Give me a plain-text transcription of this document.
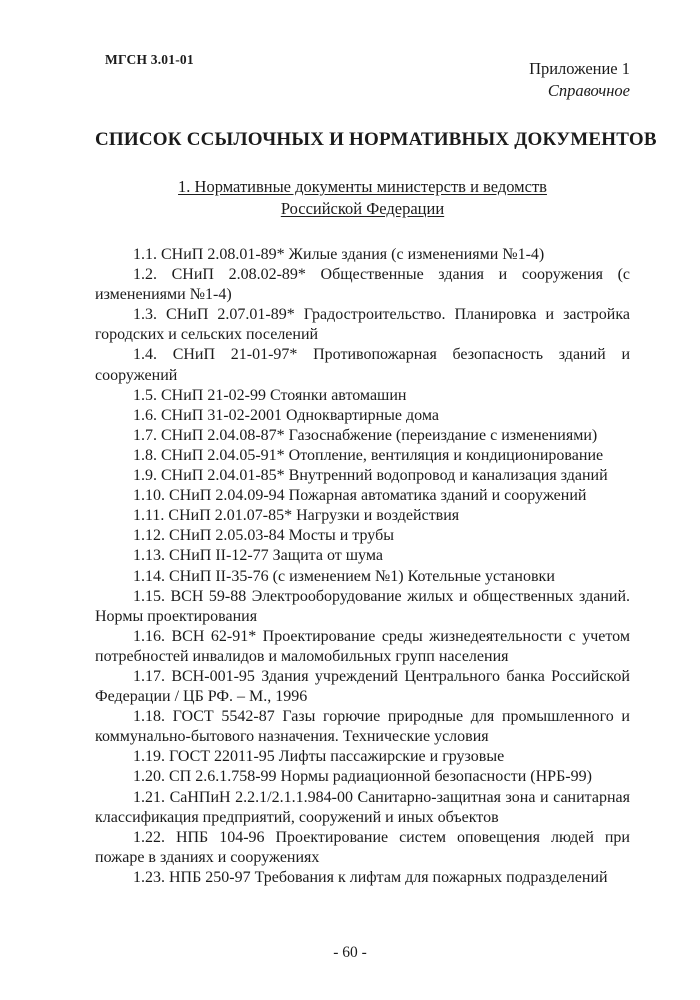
МГСН 3.01-01	Приложение 1
Справочное
СПИСОК ССЫЛОЧНЫХ И НОРМАТИВНЫХ ДОКУМЕНТОВ
1. Нормативные документы министерств и ведомств
Российской Федерации

1.1. СНиП 2.08.01-89* Жилые здания (с изменениями №1-4)

1.2. СНиП 2.08.02-89* Общественные здания и сооружения (с изменениями №1-4)

1.3. СНиП 2.07.01-89* Градостроительство. Планировка и застройка городских и сельских поселений

1.4. СНиП 21-01-97* Противопожарная безопасность зданий и сооружений

1.5. СНиП 21-02-99 Стоянки автомашин

1.6. СНиП 31-02-2001 Одноквартирные дома

1.7. СНиП 2.04.08-87* Газоснабжение (переиздание с изменениями)

1.8. СНиП 2.04.05-91* Отопление, вентиляция и кондиционирование

1.9. СНиП 2.04.01-85* Внутренний водопровод и канализация зданий

1.10. СНиП 2.04.09-94 Пожарная автоматика зданий и сооружений

1.11. СНиП 2.01.07-85* Нагрузки и воздействия

1.12. СНиП 2.05.03-84 Мосты и трубы

1.13. СНиП II-12-77 Защита от шума

1.14. СНиП II-35-76 (с изменением №1) Котельные установки

1.15. ВСН 59-88 Электрооборудование жилых и общественных зданий. Нормы проектирования

1.16. ВСН 62-91* Проектирование среды жизнедеятельности с учетом потребностей инвалидов и маломобильных групп населения

1.17. ВСН-001-95 Здания учреждений Центрального банка Российской Федерации / ЦБ РФ. – М., 1996

1.18. ГОСТ 5542-87 Газы горючие природные для промышленного и коммунально-бытового назначения. Технические условия

1.19. ГОСТ 22011-95 Лифты пассажирские и грузовые

1.20. СП 2.6.1.758-99 Нормы радиационной безопасности (НРБ-99)

1.21. СаНПиН 2.2.1/2.1.1.984-00 Санитарно-защитная зона и санитарная классификация предприятий, сооружений и иных объектов

1.22. НПБ 104-96 Проектирование систем оповещения людей при пожаре в зданиях и сооружениях

1.23. НПБ 250-97 Требования к лифтам для пожарных подразделений

- 60 -
